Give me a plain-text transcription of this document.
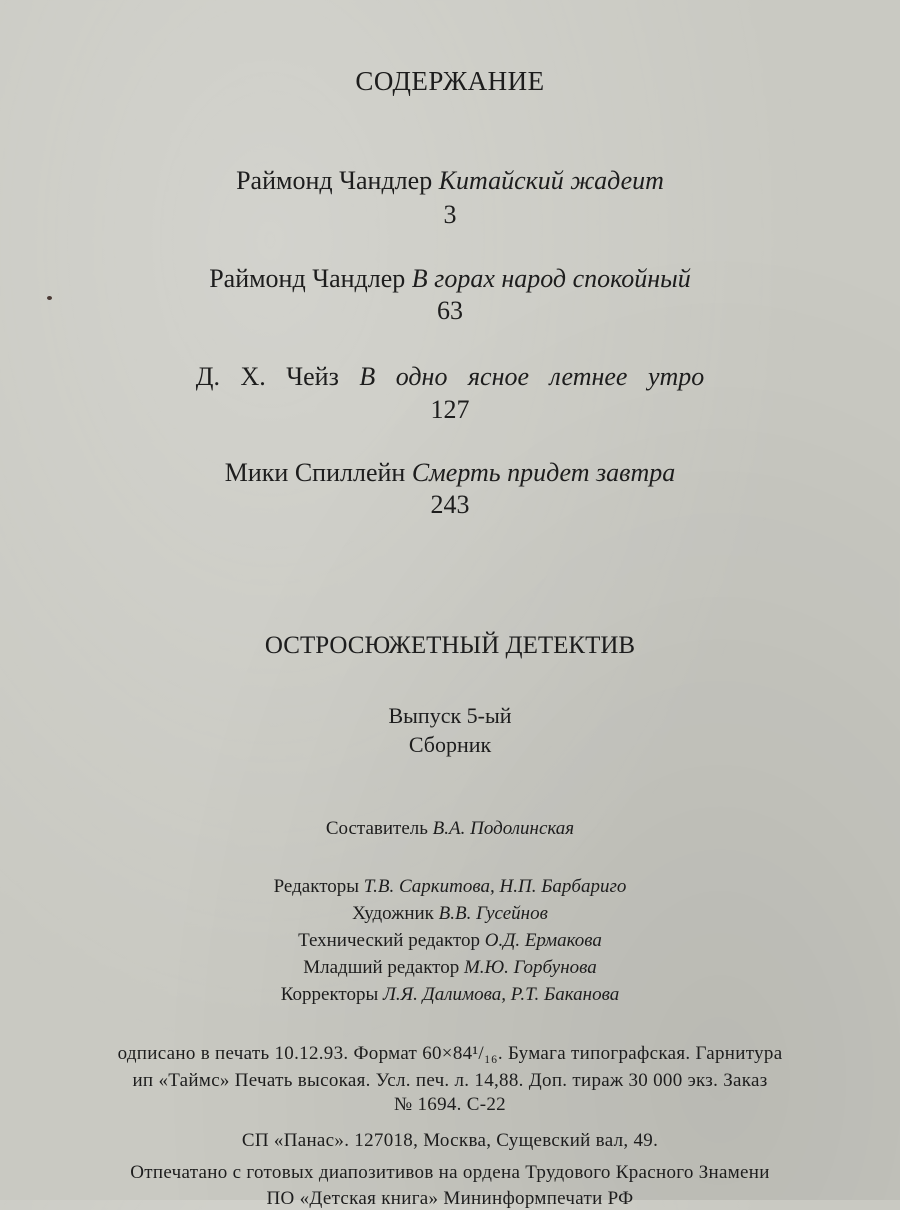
СОДЕРЖАНИЕ
Раймонд Чандлер Китайский жадеит
3
Раймонд Чандлер В горах народ спокойный
63
Д. Х. Чейз В одно ясное летнее утро
127
Мики Спиллейн Смерть придет завтра
243
ОСТРОСЮЖЕТНЫЙ ДЕТЕКТИВ
Выпуск 5-ый
Сборник
Составитель В.А. Подолинская
Редакторы Т.В. Саркитова, Н.П. Барбариго
Художник В.В. Гусейнов
Технический редактор О.Д. Ермакова
Младший редактор М.Ю. Горбунова
Корректоры Л.Я. Далимова, Р.Т. Баканова
одписано в печать 10.12.93. Формат 60×84¹/₁₆. Бумага типографская. Гарнитура
ип «Таймс» Печать высокая. Усл. печ. л. 14,88. Доп. тираж 30 000 экз. Заказ
№ 1694. С-22
СП «Панас». 127018, Москва, Сущевский вал, 49.
Отпечатано с готовых диапозитивов на ордена Трудового Красного Знамени
ПО «Детская книга» Мининформпечати РФ
